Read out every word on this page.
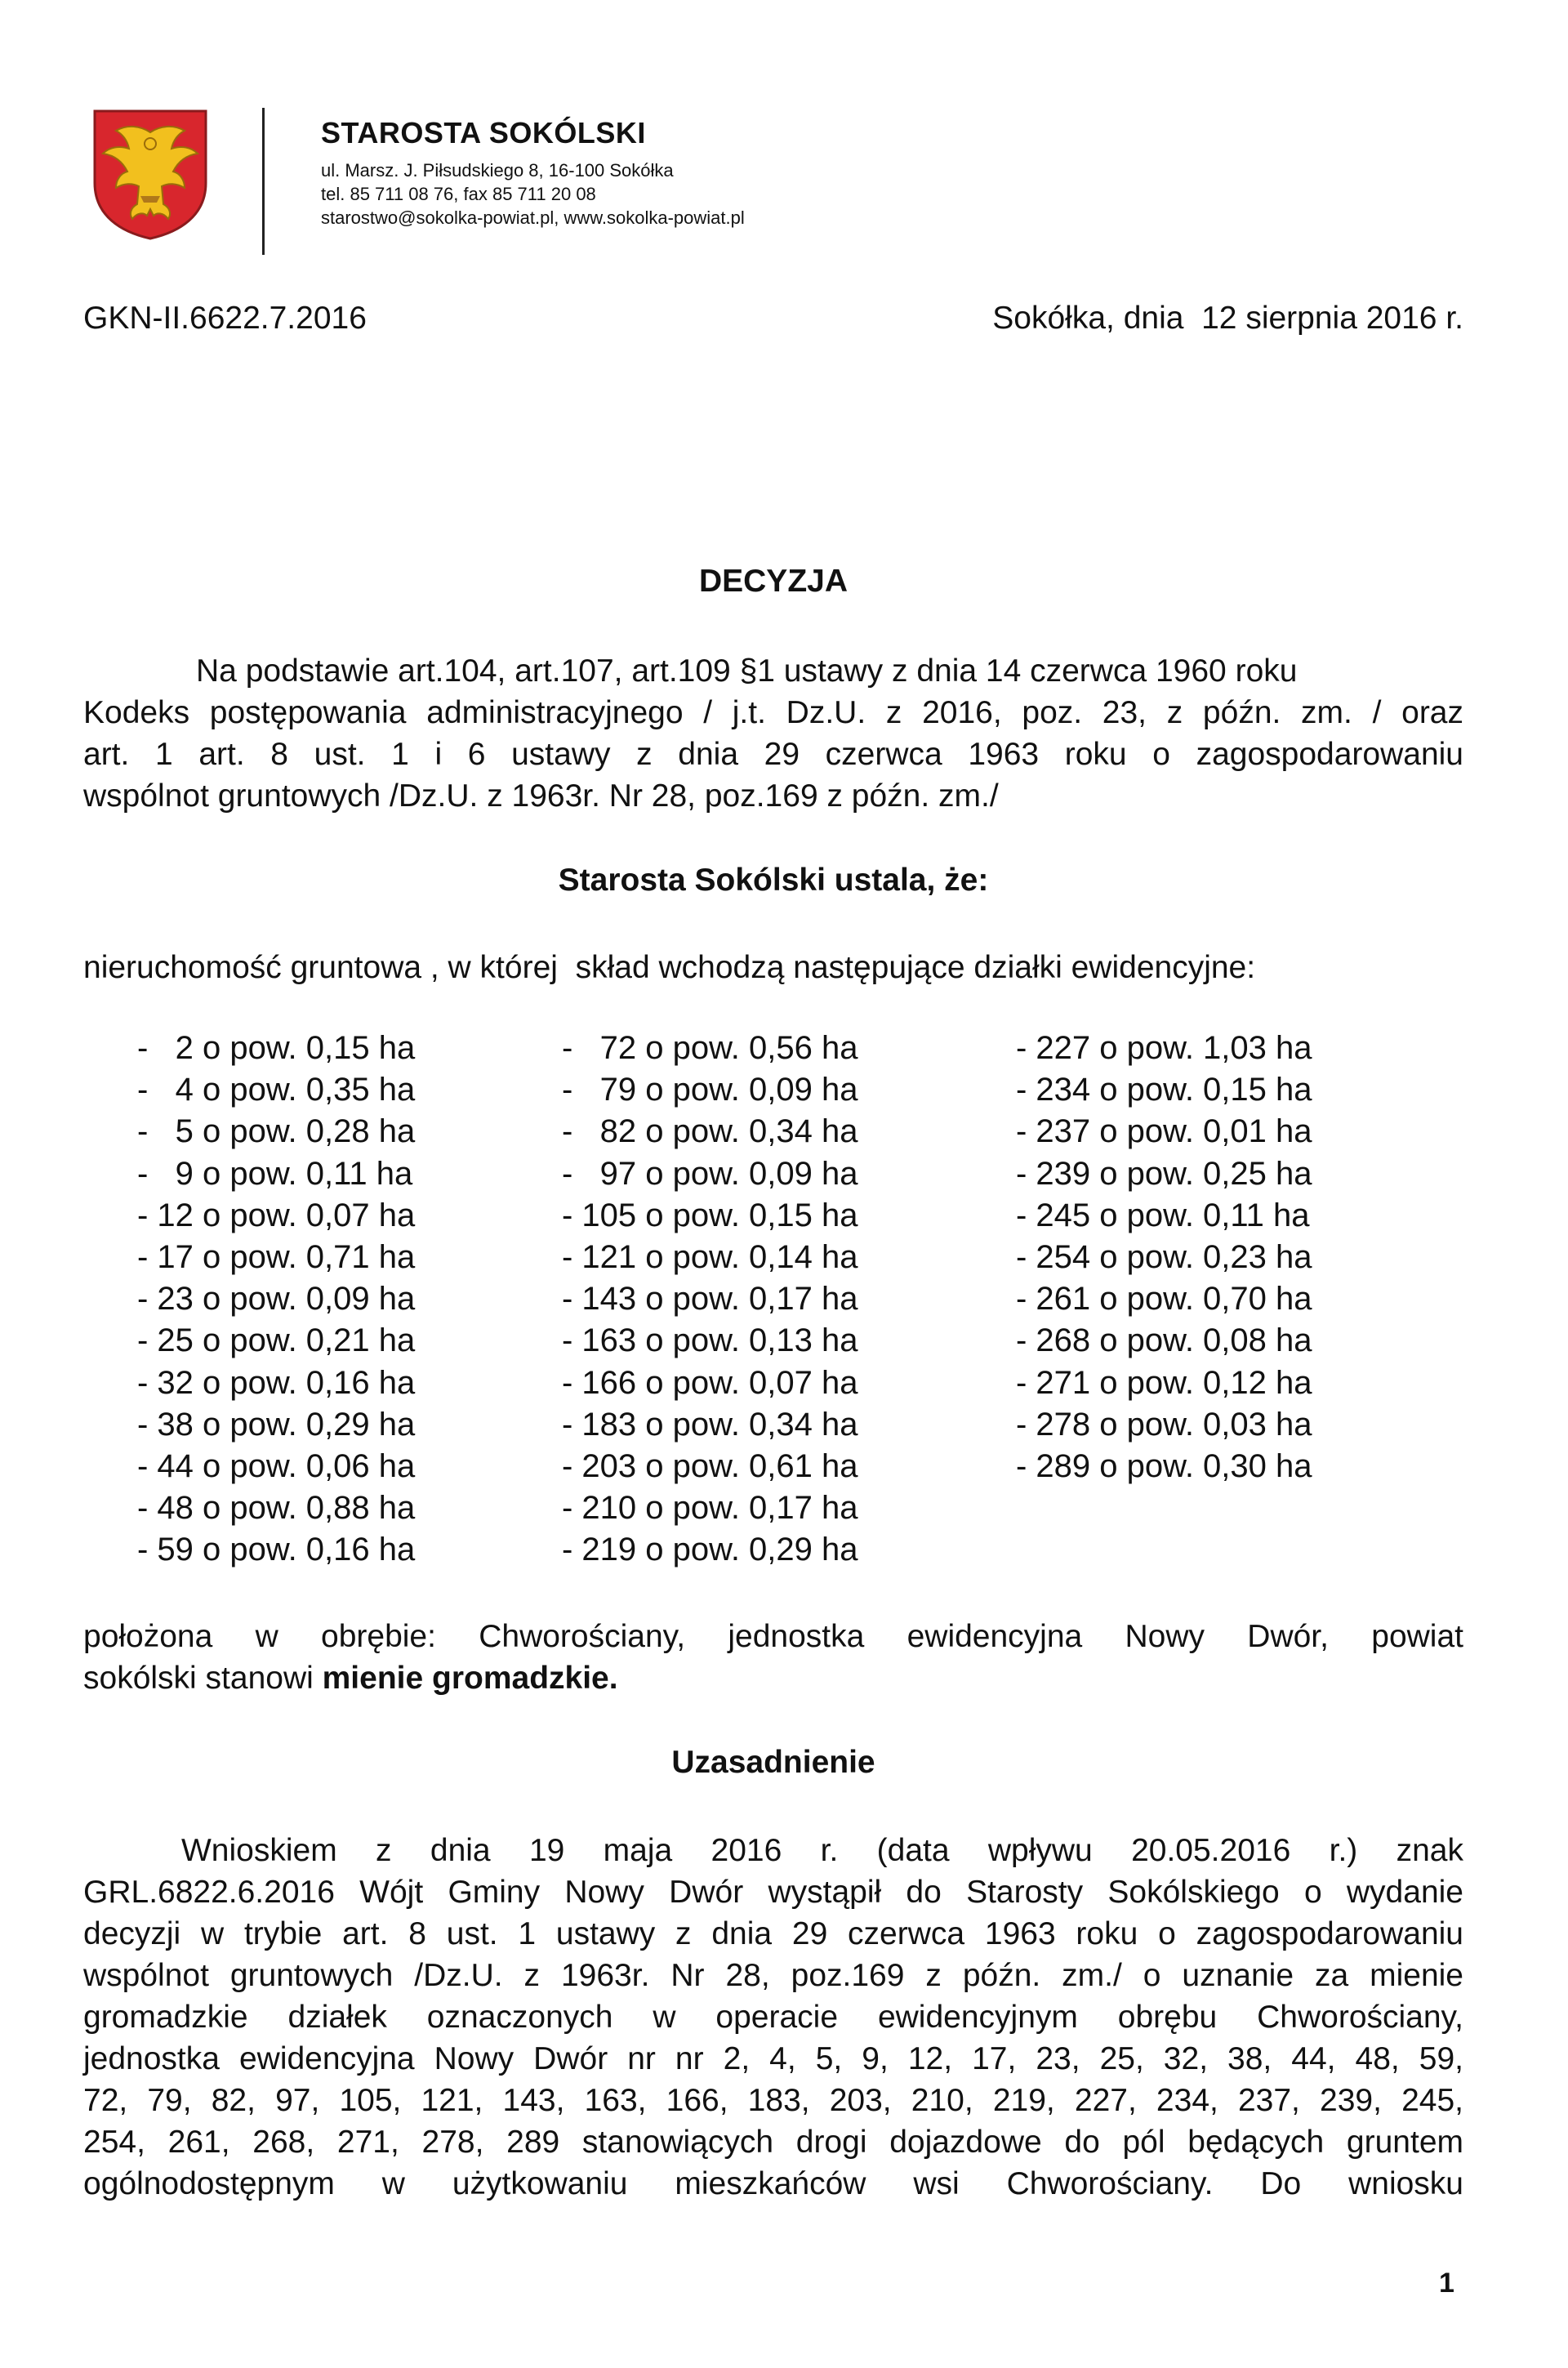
STAROSTA SOKÓLSKI
ul. Marsz. J. Piłsudskiego 8, 16-100 Sokółka
tel. 85 711 08 76, fax 85 711 20 08
starostwo@sokolka-powiat.pl, www.sokolka-powiat.pl
GKN-II.6622.7.2016	Sokółka, dnia  12 sierpnia 2016 r.
DECYZJA
Na podstawie art.104, art.107, art.109 §1 ustawy z dnia 14 czerwca 1960 roku
Kodeks postępowania administracyjnego / j.t. Dz.U. z 2016, poz. 23, z późn. zm. / oraz
art. 1 art. 8 ust. 1 i 6 ustawy z dnia 29 czerwca 1963 roku o zagospodarowaniu
wspólnot gruntowych /Dz.U. z 1963r. Nr 28, poz.169 z późn. zm./
Starosta Sokólski ustala, że:
nieruchomość gruntowa , w której  skład wchodzą następujące działki ewidencyjne:
-   2 o pow. 0,15 ha
-   4 o pow. 0,35 ha
-   5 o pow. 0,28 ha
-   9 o pow. 0,11 ha
- 12 o pow. 0,07 ha
- 17 o pow. 0,71 ha
- 23 o pow. 0,09 ha
- 25 o pow. 0,21 ha
- 32 o pow. 0,16 ha
- 38 o pow. 0,29 ha
- 44 o pow. 0,06 ha
- 48 o pow. 0,88 ha
- 59 o pow. 0,16 ha
-   72 o pow. 0,56 ha
-   79 o pow. 0,09 ha
-   82 o pow. 0,34 ha
-   97 o pow. 0,09 ha
- 105 o pow. 0,15 ha
- 121 o pow. 0,14 ha
- 143 o pow. 0,17 ha
- 163 o pow. 0,13 ha
- 166 o pow. 0,07 ha
- 183 o pow. 0,34 ha
- 203 o pow. 0,61 ha
- 210 o pow. 0,17 ha
- 219 o pow. 0,29 ha
- 227 o pow. 1,03 ha
- 234 o pow. 0,15 ha
- 237 o pow. 0,01 ha
- 239 o pow. 0,25 ha
- 245 o pow. 0,11 ha
- 254 o pow. 0,23 ha
- 261 o pow. 0,70 ha
- 268 o pow. 0,08 ha
- 271 o pow. 0,12 ha
- 278 o pow. 0,03 ha
- 289 o pow. 0,30 ha
położona w obrębie: Chworościany, jednostka ewidencyjna Nowy Dwór, powiat
sokólski stanowi mienie gromadzkie.
Uzasadnienie
Wnioskiem z dnia 19 maja 2016 r. (data wpływu 20.05.2016 r.) znak
GRL.6822.6.2016 Wójt Gminy Nowy Dwór wystąpił do Starosty Sokólskiego o wydanie
decyzji w trybie art. 8 ust. 1 ustawy z dnia 29 czerwca 1963 roku o zagospodarowaniu
wspólnot gruntowych /Dz.U. z 1963r. Nr 28, poz.169 z późn. zm./ o uznanie za mienie
gromadzkie działek oznaczonych w operacie ewidencyjnym obrębu Chworościany,
jednostka ewidencyjna Nowy Dwór nr nr 2, 4, 5, 9, 12, 17, 23, 25, 32, 38, 44, 48, 59,
72, 79, 82, 97, 105, 121, 143, 163, 166, 183, 203, 210, 219, 227, 234, 237, 239, 245,
254, 261, 268, 271, 278, 289 stanowiących drogi dojazdowe do pól będących gruntem
ogólnodostępnym w użytkowaniu mieszkańców wsi Chworościany. Do wniosku
1
